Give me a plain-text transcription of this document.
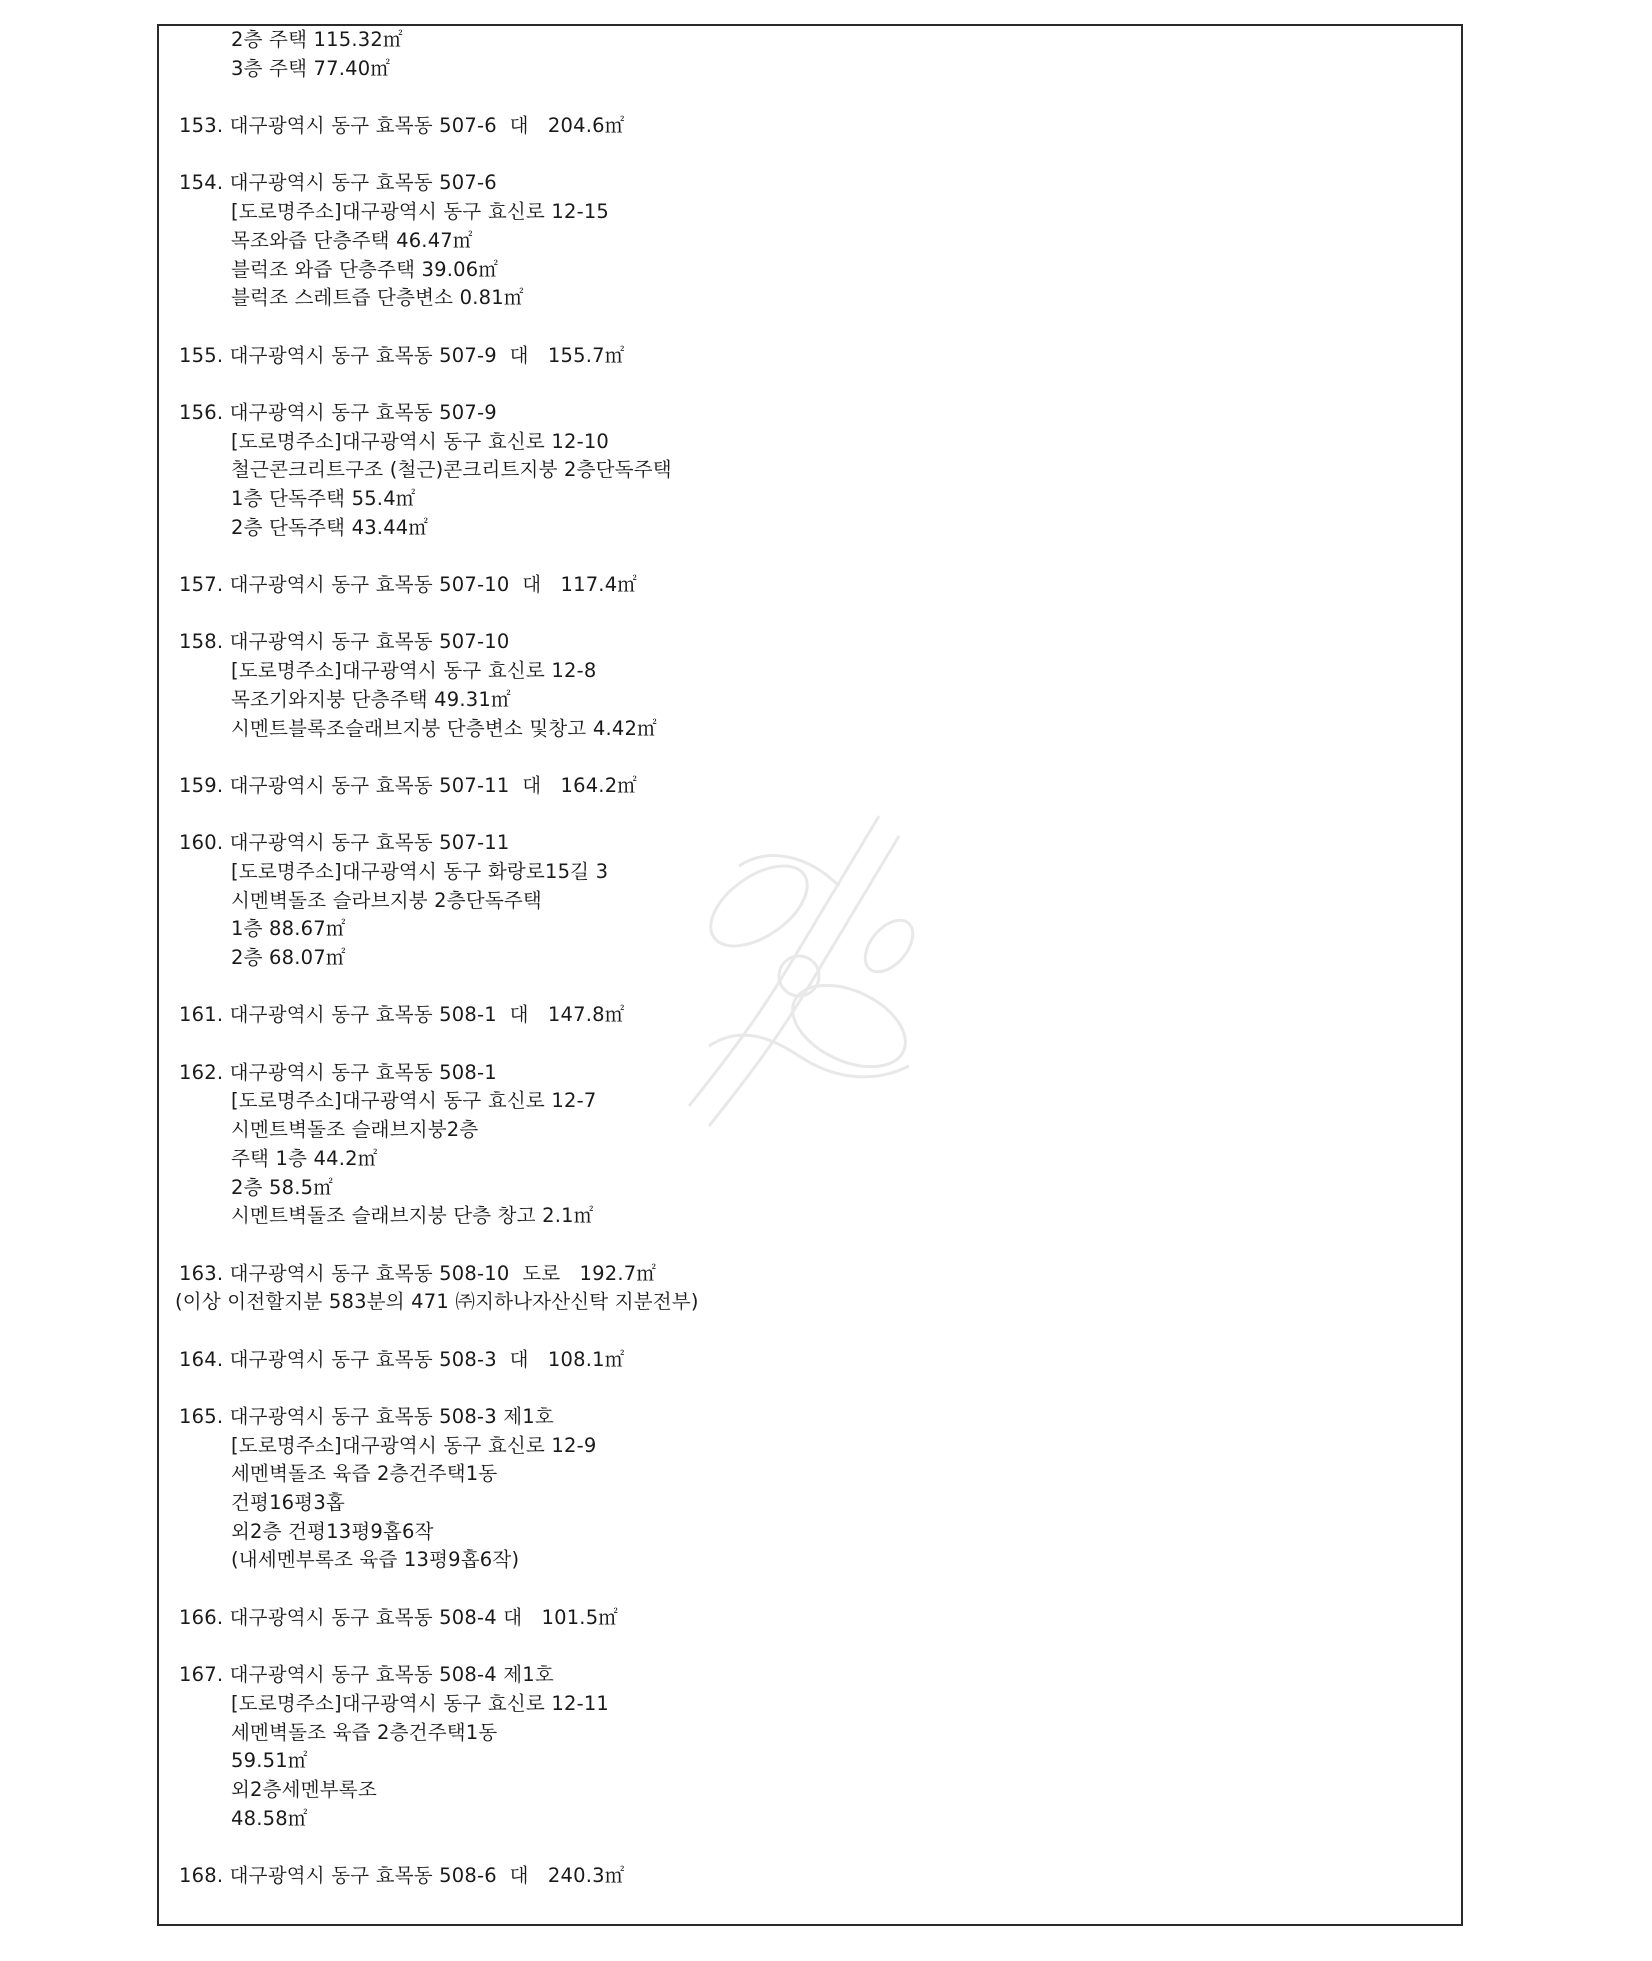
2층 주택 115.32㎡
3층 주택 77.40㎡
153. 대구광역시 동구 효목동 507-6  대   204.6㎡
154. 대구광역시 동구 효목동 507-6
[도로명주소]대구광역시 동구 효신로 12-15
목조와즙 단층주택 46.47㎡
블럭조 와즙 단층주택 39.06㎡
블럭조 스레트즙 단층변소 0.81㎡
155. 대구광역시 동구 효목동 507-9  대   155.7㎡
156. 대구광역시 동구 효목동 507-9
[도로명주소]대구광역시 동구 효신로 12-10
철근콘크리트구조 (철근)콘크리트지붕 2층단독주택
1층 단독주택 55.4㎡
2층 단독주택 43.44㎡
157. 대구광역시 동구 효목동 507-10  대   117.4㎡
158. 대구광역시 동구 효목동 507-10
[도로명주소]대구광역시 동구 효신로 12-8
목조기와지붕 단층주택 49.31㎡
시멘트블록조슬래브지붕 단층변소 및창고 4.42㎡
159. 대구광역시 동구 효목동 507-11  대   164.2㎡
160. 대구광역시 동구 효목동 507-11
[도로명주소]대구광역시 동구 화랑로15길 3
시멘벽돌조 슬라브지붕 2층단독주택
1층 88.67㎡
2층 68.07㎡
161. 대구광역시 동구 효목동 508-1  대   147.8㎡
162. 대구광역시 동구 효목동 508-1
[도로명주소]대구광역시 동구 효신로 12-7
시멘트벽돌조 슬래브지붕2층
주택 1층 44.2㎡
2층 58.5㎡
시멘트벽돌조 슬래브지붕 단층 창고 2.1㎡
163. 대구광역시 동구 효목동 508-10  도로   192.7㎡
(이상 이전할지분 583분의 471 ㈜지하나자산신탁 지분전부)
164. 대구광역시 동구 효목동 508-3  대   108.1㎡
165. 대구광역시 동구 효목동 508-3 제1호
[도로명주소]대구광역시 동구 효신로 12-9
세멘벽돌조 육즙 2층건주택1동
건평16평3홉
외2층 건평13평9홉6작
(내세멘부록조 육즙 13평9홉6작)
166. 대구광역시 동구 효목동 508-4 대   101.5㎡
167. 대구광역시 동구 효목동 508-4 제1호
[도로명주소]대구광역시 동구 효신로 12-11
세멘벽돌조 육즙 2층건주택1동
59.51㎡
외2층세멘부록조
48.58㎡
168. 대구광역시 동구 효목동 508-6  대   240.3㎡
